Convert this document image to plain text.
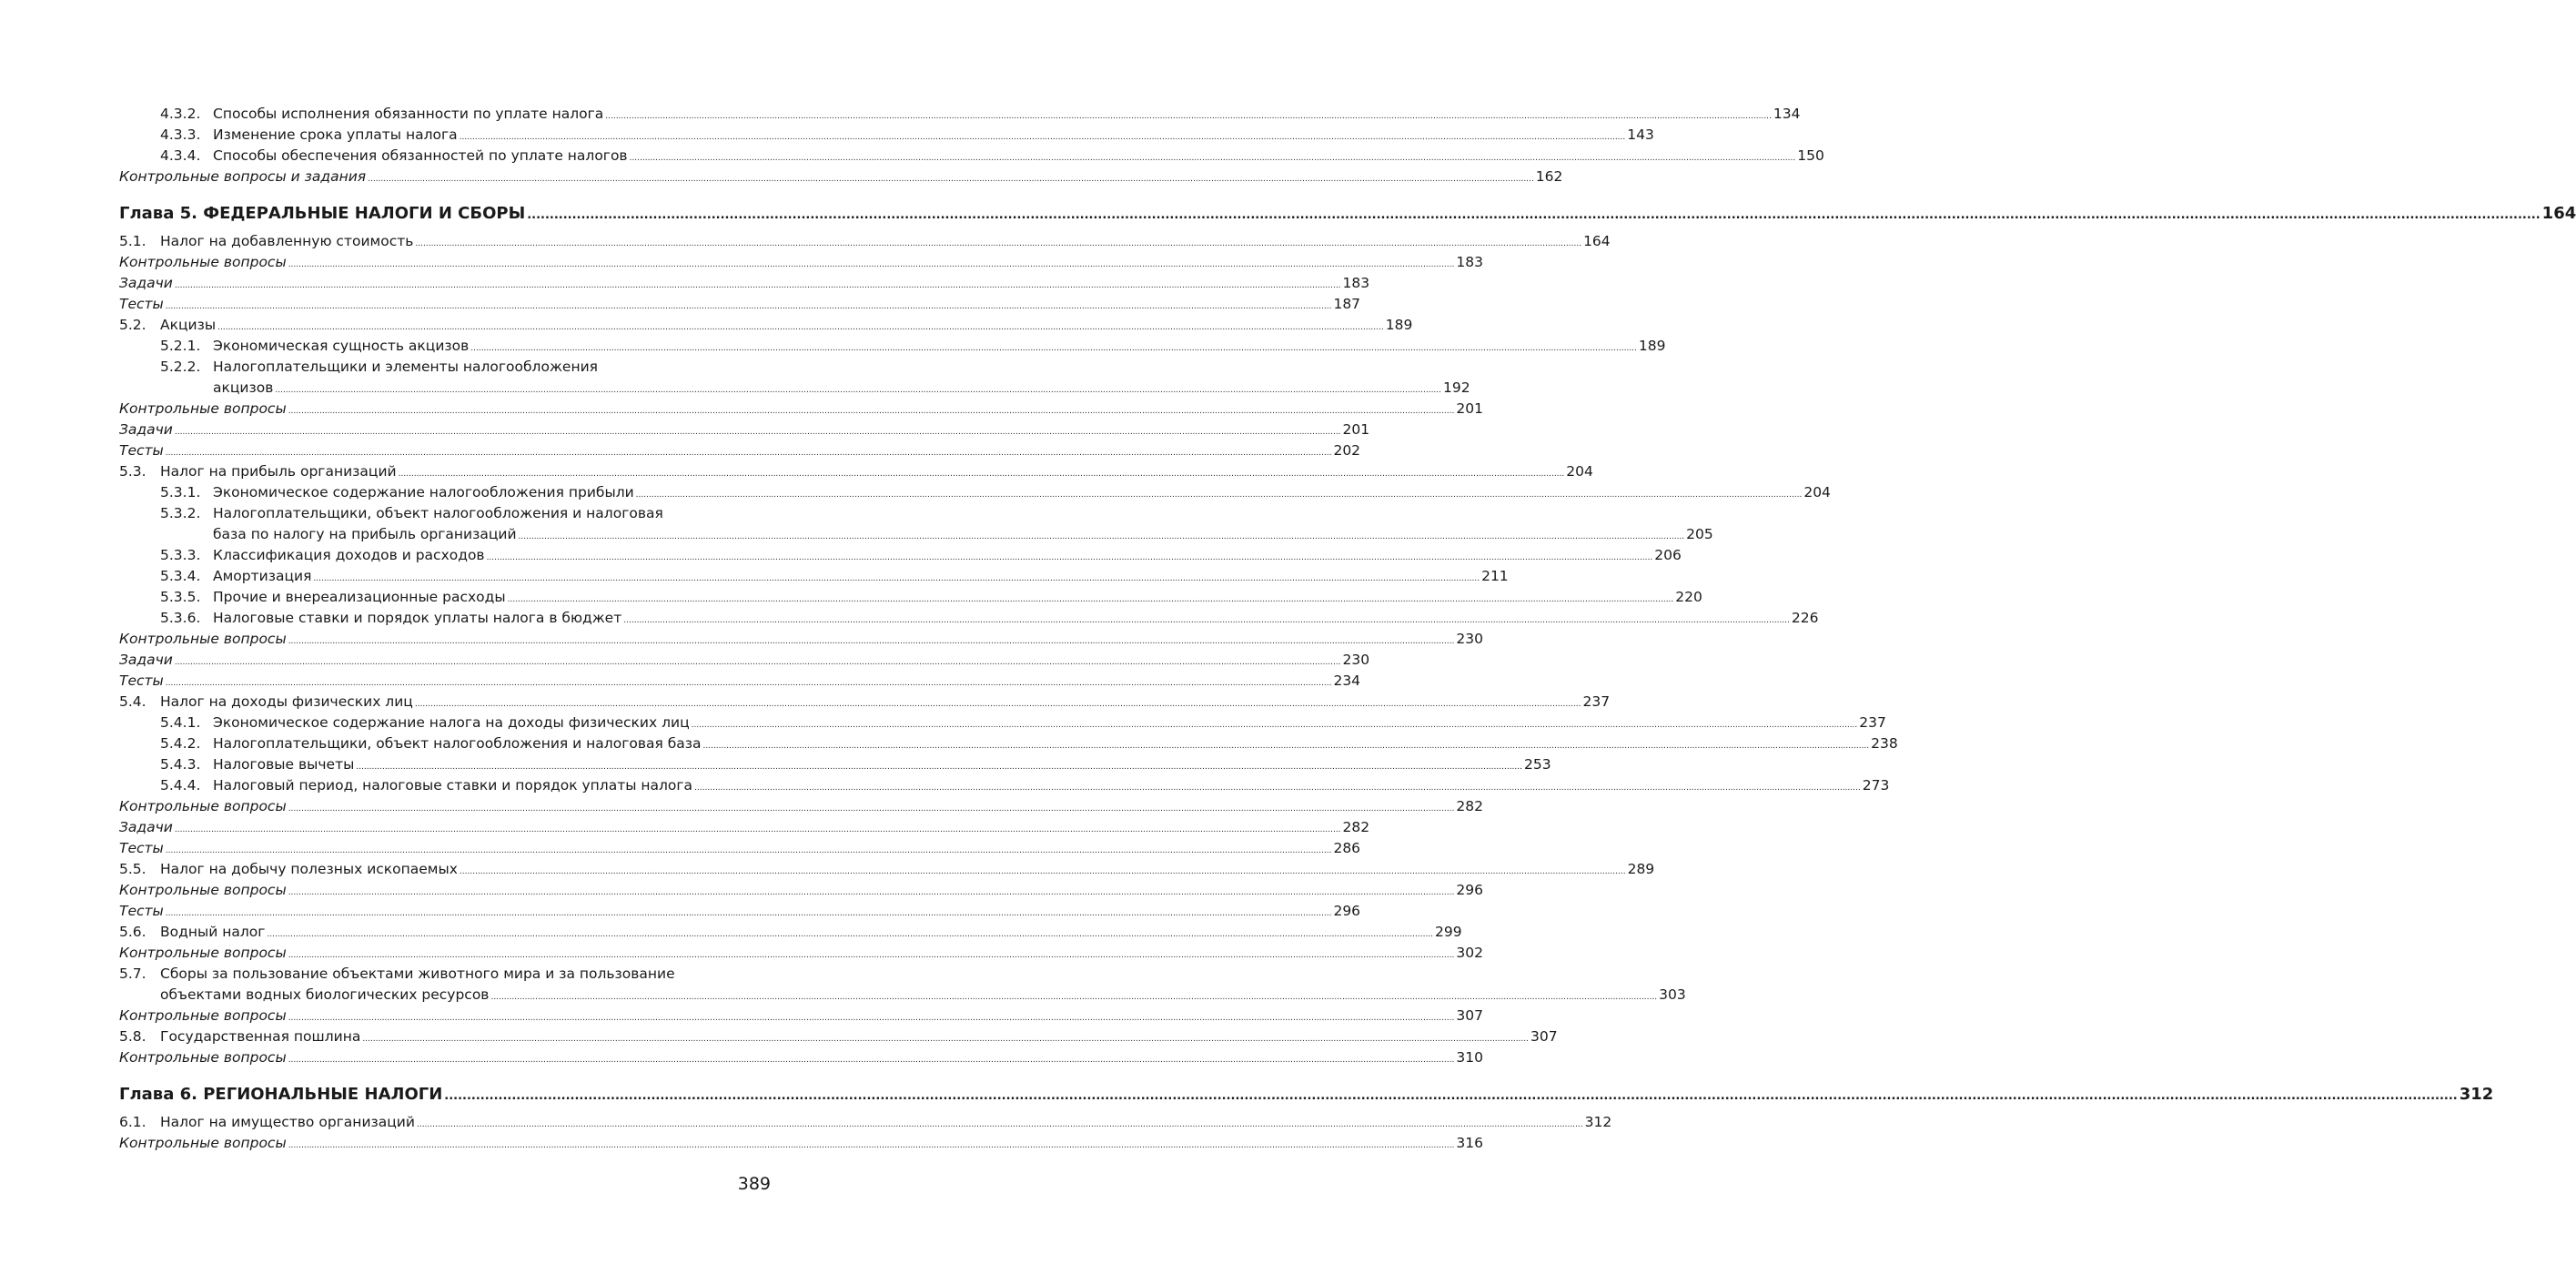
4.3.2. Способы исполнения обязанности по уплате налога .....	134
4.3.3. Изменение срока уплаты налога .....	143
4.3.4. Способы обеспечения обязанностей по уплате налогов .....	150
Контрольные вопросы и задания .....	162
Глава 5. ФЕДЕРАЛЬНЫЕ НАЛОГИ И СБОРЫ .....	164
5.1. Налог на добавленную стоимость .....	164
Контрольные вопросы .....	183
Задачи .....	183
Тесты .....	187
5.2. Акцизы .....	189
5.2.1. Экономическая сущность акцизов .....	189
5.2.2. Налогоплательщики и элементы налогообложения
акцизов .....	192
Контрольные вопросы .....	201
Задачи .....	201
Тесты .....	202
5.3. Налог на прибыль организаций .....	204
5.3.1. Экономическое содержание налогообложения прибыли .....	204
5.3.2. Налогоплательщики, объект налогообложения и налоговая
база по налогу на прибыль организаций .....	205
5.3.3. Классификация доходов и расходов .....	206
5.3.4. Амортизация .....	211
5.3.5. Прочие и внереализационные расходы .....	220
5.3.6. Налоговые ставки и порядок уплаты налога в бюджет .....	226
Контрольные вопросы .....	230
Задачи .....	230
Тесты .....	234
5.4. Налог на доходы физических лиц .....	237
5.4.1. Экономическое содержание налога на доходы физических лиц .....	237
5.4.2. Налогоплательщики, объект налогообложения и налоговая база .....	238
5.4.3. Налоговые вычеты .....	253
5.4.4. Налоговый период, налоговые ставки и порядок уплаты налога .....	273
Контрольные вопросы .....	282
Задачи .....	282
Тесты .....	286
5.5. Налог на добычу полезных ископаемых .....	289
Контрольные вопросы .....	296
Тесты .....	296
5.6. Водный налог .....	299
Контрольные вопросы .....	302
5.7. Сборы за пользование объектами животного мира и за пользование
объектами водных биологических ресурсов .....	303
Контрольные вопросы .....	307
5.8. Государственная пошлина .....	307
Контрольные вопросы .....	310
Глава 6. РЕГИОНАЛЬНЫЕ НАЛОГИ .....	312
6.1. Налог на имущество организаций .....	312
Контрольные вопросы .....	316
389
